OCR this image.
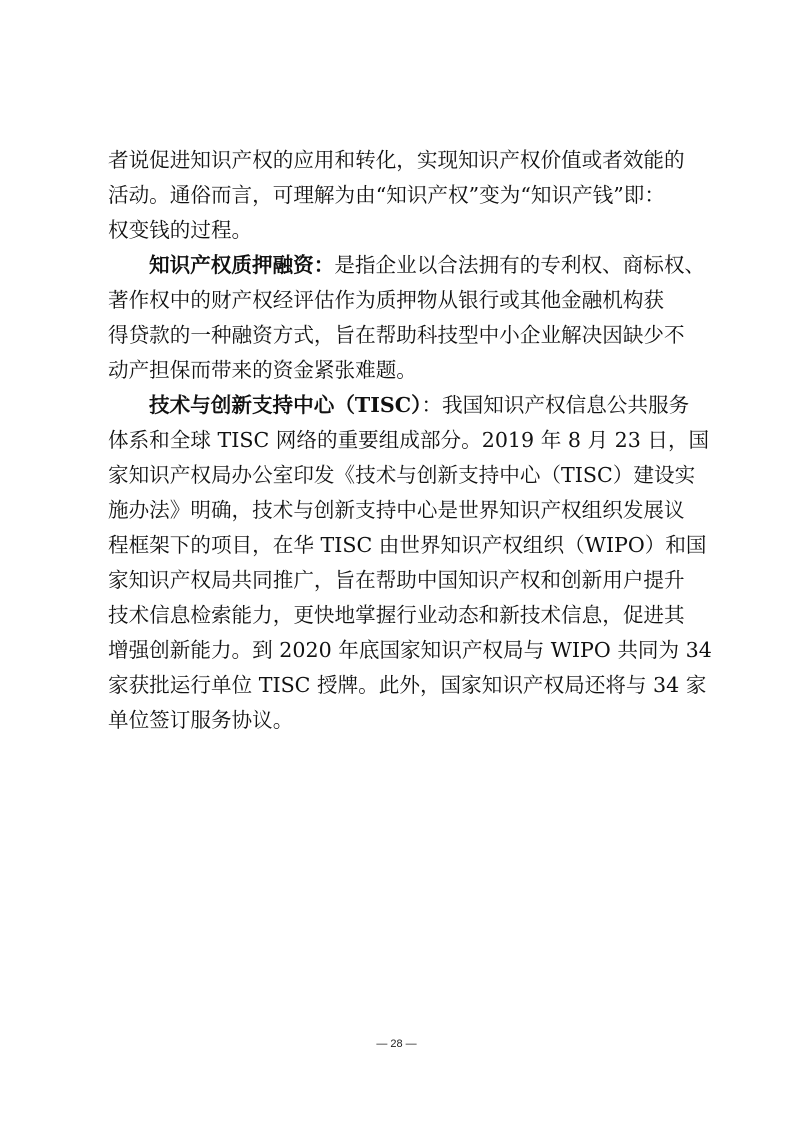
者说促进知识产权的应用和转化，实现知识产权价值或者效能的
活动。通俗而言，可理解为由“知识产权”变为“知识产钱”即：
权变钱的过程。
知识产权质押融资：是指企业以合法拥有的专利权、商标权、
著作权中的财产权经评估作为质押物从银行或其他金融机构获
得贷款的一种融资方式，旨在帮助科技型中小企业解决因缺少不
动产担保而带来的资金紧张难题。
技术与创新支持中心（TISC）：我国知识产权信息公共服务
体系和全球 TISC 网络的重要组成部分。2019 年 8 月 23 日，国
家知识产权局办公室印发《技术与创新支持中心（TISC）建设实
施办法》明确，技术与创新支持中心是世界知识产权组织发展议
程框架下的项目，在华 TISC 由世界知识产权组织（WIPO）和国
家知识产权局共同推广，旨在帮助中国知识产权和创新用户提升
技术信息检索能力，更快地掌握行业动态和新技术信息，促进其
增强创新能力。到 2020 年底国家知识产权局与 WIPO 共同为 34
家获批运行单位 TISC 授牌。此外，国家知识产权局还将与 34 家
单位签订服务协议。
— 28 —
